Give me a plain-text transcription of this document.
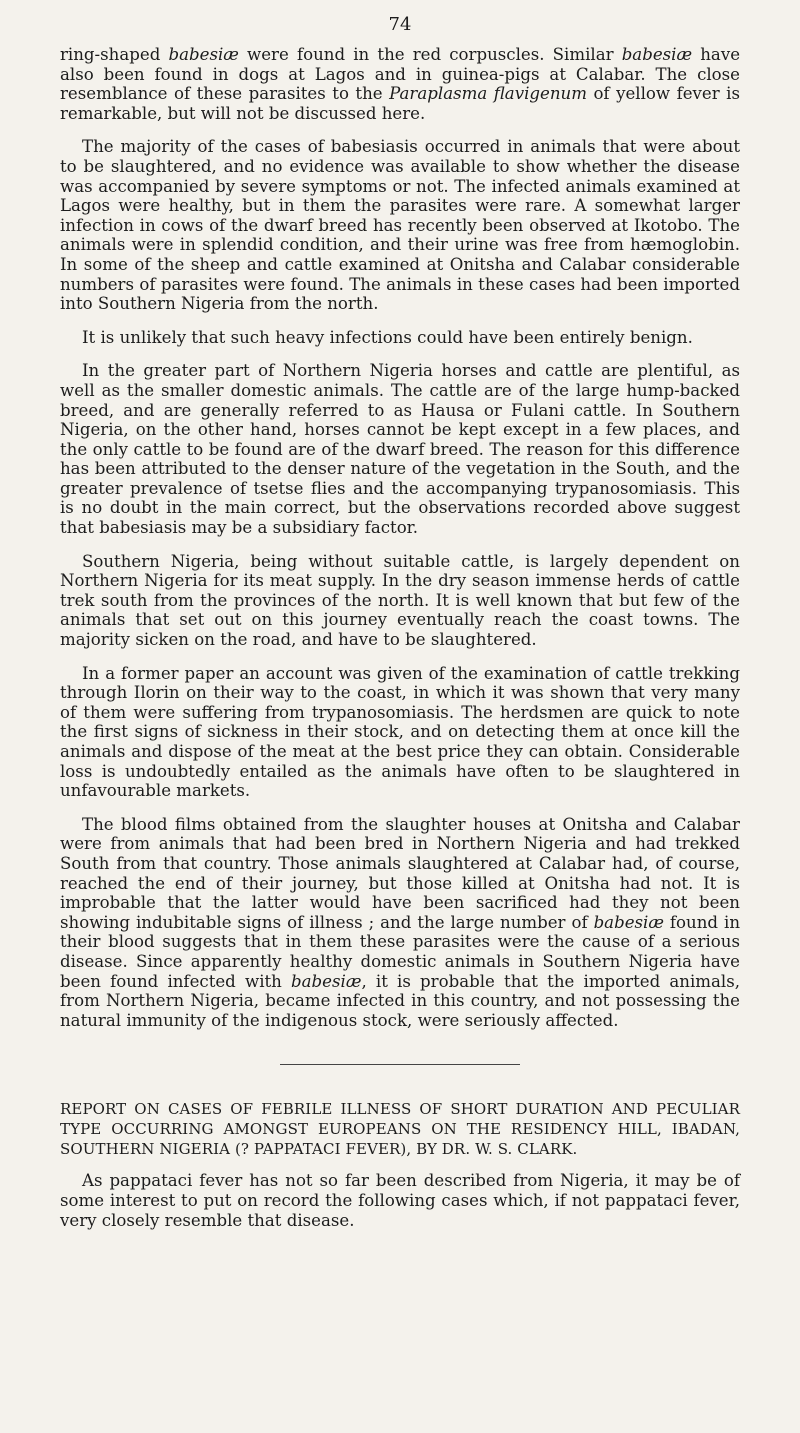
74

ring-shaped babesiæ were found in the red corpuscles. Similar babesiæ have also been found in dogs at Lagos and in guinea-pigs at Calabar. The close resemblance of these parasites to the Paraplasma flavigenum of yellow fever is remarkable, but will not be discussed here.

The majority of the cases of babesiasis occurred in animals that were about to be slaughtered, and no evidence was available to show whether the disease was accompanied by severe symptoms or not. The infected animals examined at Lagos were healthy, but in them the parasites were rare. A somewhat larger infection in cows of the dwarf breed has recently been observed at Ikotobo. The animals were in splendid condition, and their urine was free from hæmoglobin. In some of the sheep and cattle examined at Onitsha and Calabar considerable numbers of parasites were found. The animals in these cases had been imported into Southern Nigeria from the north.

It is unlikely that such heavy infections could have been entirely benign.

In the greater part of Northern Nigeria horses and cattle are plentiful, as well as the smaller domestic animals. The cattle are of the large hump-backed breed, and are generally referred to as Hausa or Fulani cattle. In Southern Nigeria, on the other hand, horses cannot be kept except in a few places, and the only cattle to be found are of the dwarf breed. The reason for this difference has been attributed to the denser nature of the vegetation in the South, and the greater prevalence of tsetse flies and the accompanying trypanosomiasis. This is no doubt in the main correct, but the observations recorded above suggest that babesiasis may be a subsidiary factor.

Southern Nigeria, being without suitable cattle, is largely dependent on Northern Nigeria for its meat supply. In the dry season immense herds of cattle trek south from the provinces of the north. It is well known that but few of the animals that set out on this journey eventually reach the coast towns. The majority sicken on the road, and have to be slaughtered.

In a former paper an account was given of the examination of cattle trekking through Ilorin on their way to the coast, in which it was shown that very many of them were suffering from trypanosomiasis. The herdsmen are quick to note the first signs of sickness in their stock, and on detecting them at once kill the animals and dispose of the meat at the best price they can obtain. Considerable loss is undoubtedly entailed as the animals have often to be slaughtered in unfavourable markets.

The blood films obtained from the slaughter houses at Onitsha and Calabar were from animals that had been bred in Northern Nigeria and had trekked South from that country. Those animals slaughtered at Calabar had, of course, reached the end of their journey, but those killed at Onitsha had not. It is improbable that the latter would have been sacrificed had they not been showing indubitable signs of illness ; and the large number of babesiæ found in their blood suggests that in them these parasites were the cause of a serious disease. Since apparently healthy domestic animals in Southern Nigeria have been found infected with babesiæ, it is probable that the imported animals, from Northern Nigeria, became infected in this country, and not possessing the natural immunity of the indigenous stock, were seriously affected.

REPORT ON CASES OF FEBRILE ILLNESS OF SHORT DURATION AND PECULIAR TYPE OCCURRING AMONGST EUROPEANS ON THE RESIDENCY HILL, IBADAN, SOUTHERN NIGERIA (? PAPPATACI FEVER), BY DR. W. S. CLARK.

As pappataci fever has not so far been described from Nigeria, it may be of some interest to put on record the following cases which, if not pappataci fever, very closely resemble that disease.
